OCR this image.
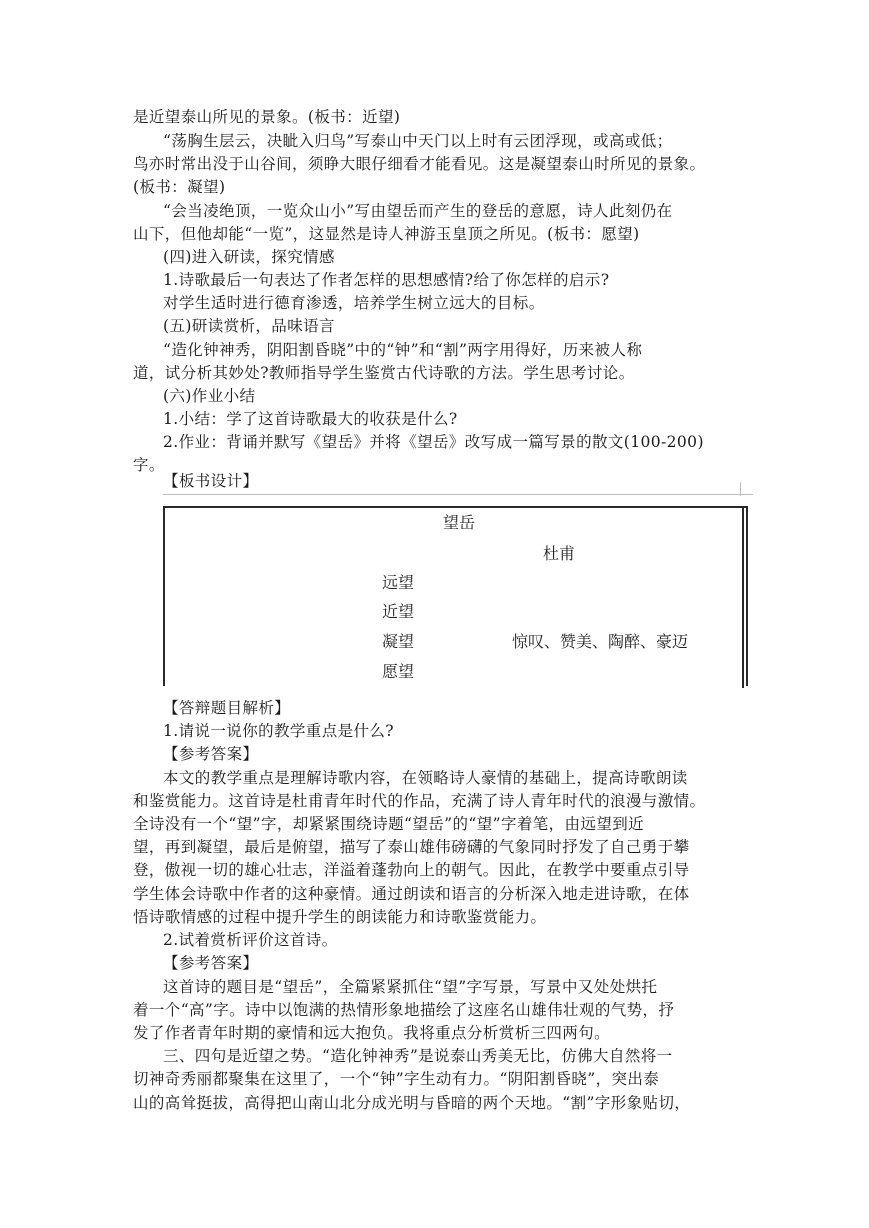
是近望泰山所见的景象。(板书：近望)
“荡胸生层云，决眦入归鸟”写泰山中天门以上时有云团浮现，或高或低；
鸟亦时常出没于山谷间，须睁大眼仔细看才能看见。这是凝望泰山时所见的景象。
(板书：凝望)
“会当凌绝顶，一览众山小”写由望岳而产生的登岳的意愿，诗人此刻仍在
山下，但他却能“一览”，这显然是诗人神游玉皇顶之所见。(板书：愿望)
(四)进入研读，探究情感
1.诗歌最后一句表达了作者怎样的思想感情?给了你怎样的启示?
对学生适时进行德育渗透，培养学生树立远大的目标。
(五)研读赏析，品味语言
“造化钟神秀，阴阳割昏晓”中的“钟”和“割”两字用得好，历来被人称
道，试分析其妙处?教师指导学生鉴赏古代诗歌的方法。学生思考讨论。
(六)作业小结
1.小结：学了这首诗歌最大的收获是什么?
2.作业：背诵并默写《望岳》并将《望岳》改写成一篇写景的散文(100-200)
字。
【板书设计】
望岳
杜甫
远望
近望
凝望
愿望
惊叹、赞美、陶醉、豪迈
【答辩题目解析】
1.请说一说你的教学重点是什么?
【参考答案】
本文的教学重点是理解诗歌内容，在领略诗人豪情的基础上，提高诗歌朗读
和鉴赏能力。这首诗是杜甫青年时代的作品，充满了诗人青年时代的浪漫与激情。
全诗没有一个“望”字，却紧紧围绕诗题“望岳”的“望”字着笔，由远望到近
望，再到凝望，最后是俯望，描写了泰山雄伟磅礴的气象同时抒发了自己勇于攀
登，傲视一切的雄心壮志，洋溢着蓬勃向上的朝气。因此，在教学中要重点引导
学生体会诗歌中作者的这种豪情。通过朗读和语言的分析深入地走进诗歌，在体
悟诗歌情感的过程中提升学生的朗读能力和诗歌鉴赏能力。
2.试着赏析评价这首诗。
【参考答案】
这首诗的题目是“望岳”，全篇紧紧抓住“望”字写景，写景中又处处烘托
着一个“高”字。诗中以饱满的热情形象地描绘了这座名山雄伟壮观的气势，抒
发了作者青年时期的豪情和远大抱负。我将重点分析赏析三四两句。
三、四句是近望之势。“造化钟神秀”是说泰山秀美无比，仿佛大自然将一
切神奇秀丽都聚集在这里了，一个“钟”字生动有力。“阴阳割昏晓”，突出泰
山的高耸挺拔，高得把山南山北分成光明与昏暗的两个天地。“割”字形象贴切，
